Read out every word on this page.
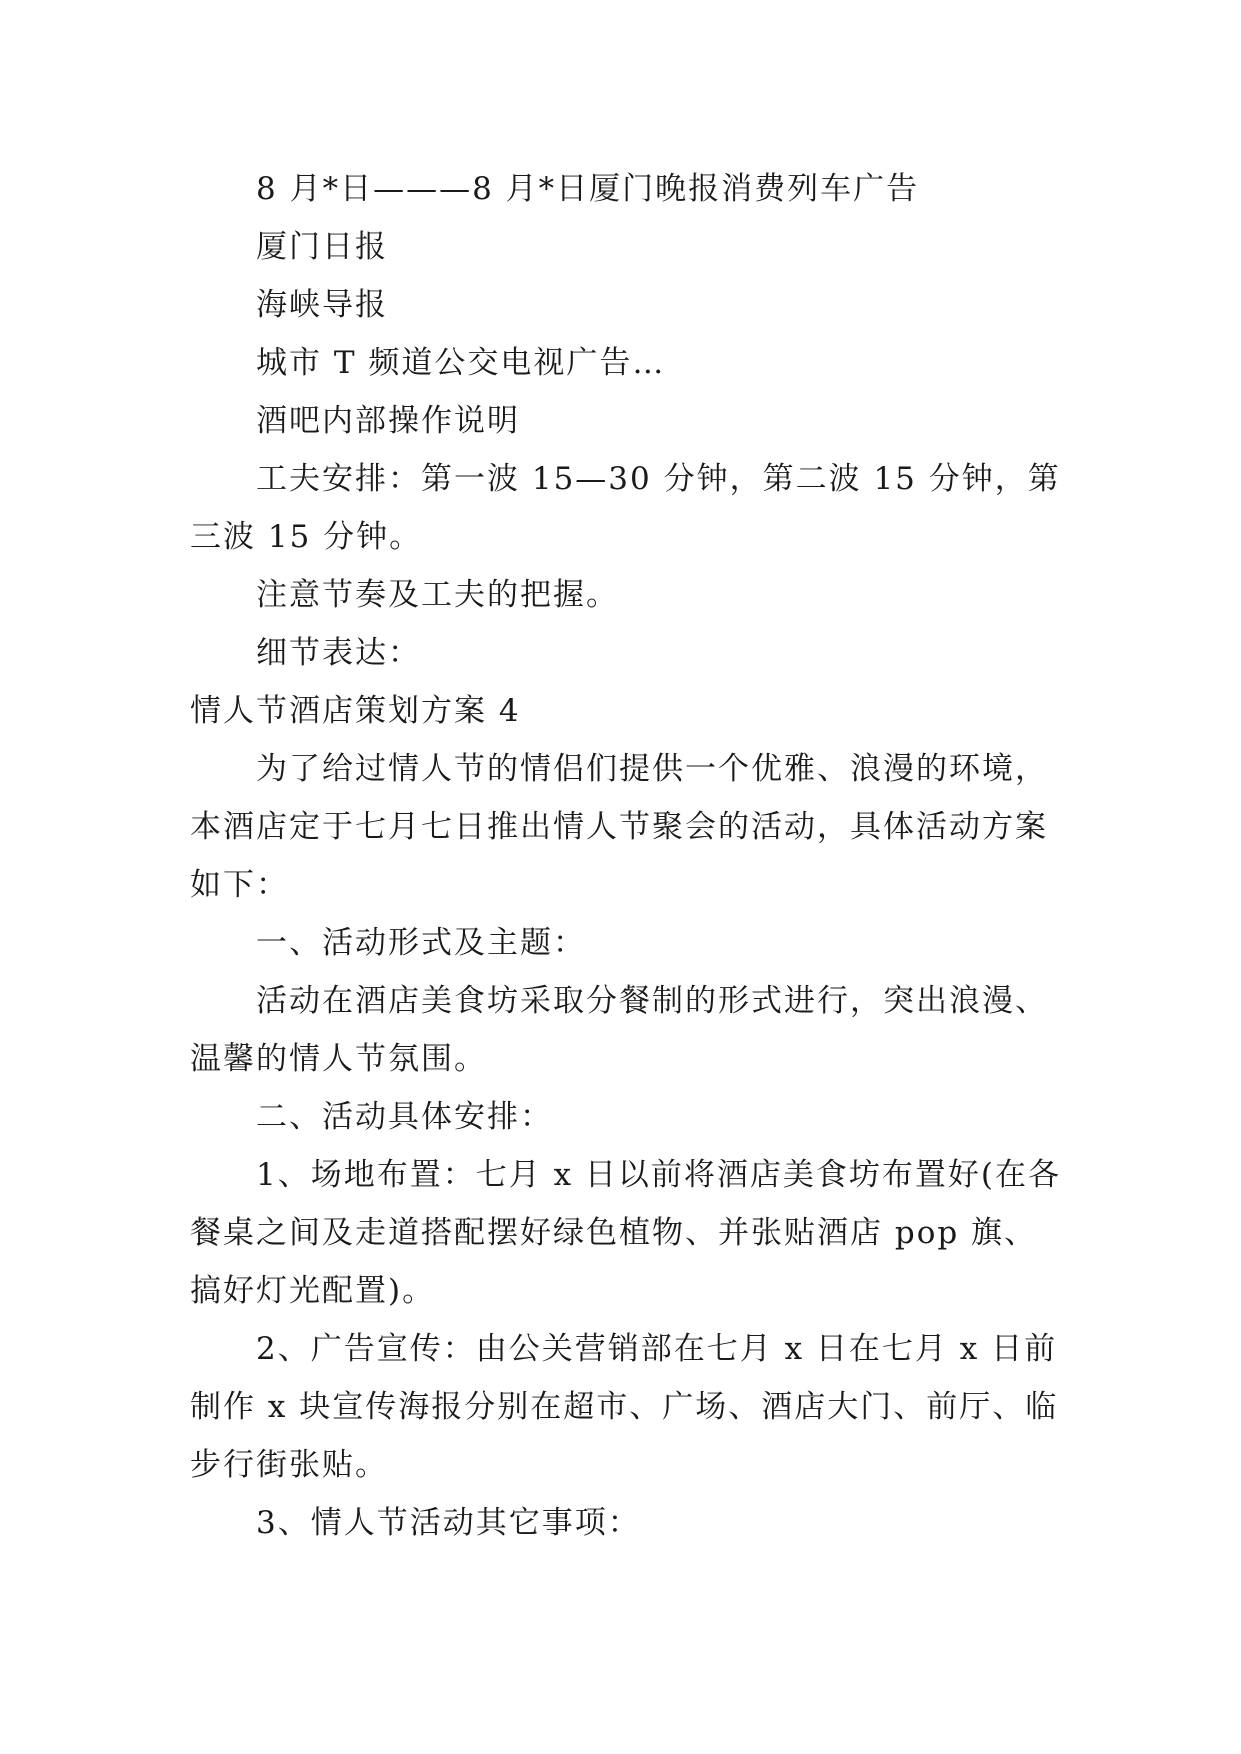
8 月*日———8 月*日厦门晚报消费列车广告

厦门日报

海峡导报

城市 T 频道公交电视广告…

酒吧内部操作说明

工夫安排：第一波 15—30 分钟，第二波 15 分钟，第三波 15 分钟。

注意节奏及工夫的把握。

细节表达：

情人节酒店策划方案 4

为了给过情人节的情侣们提供一个优雅、浪漫的环境，本酒店定于七月七日推出情人节聚会的活动，具体活动方案如下：

一、活动形式及主题：

活动在酒店美食坊采取分餐制的形式进行，突出浪漫、温馨的情人节氛围。

二、活动具体安排：

1、场地布置：七月 x 日以前将酒店美食坊布置好(在各餐桌之间及走道搭配摆好绿色植物、并张贴酒店 pop 旗、搞好灯光配置)。

2、广告宣传：由公关营销部在七月 x 日在七月 x 日前制作 x 块宣传海报分别在超市、广场、酒店大门、前厅、临步行街张贴。

3、情人节活动其它事项：
